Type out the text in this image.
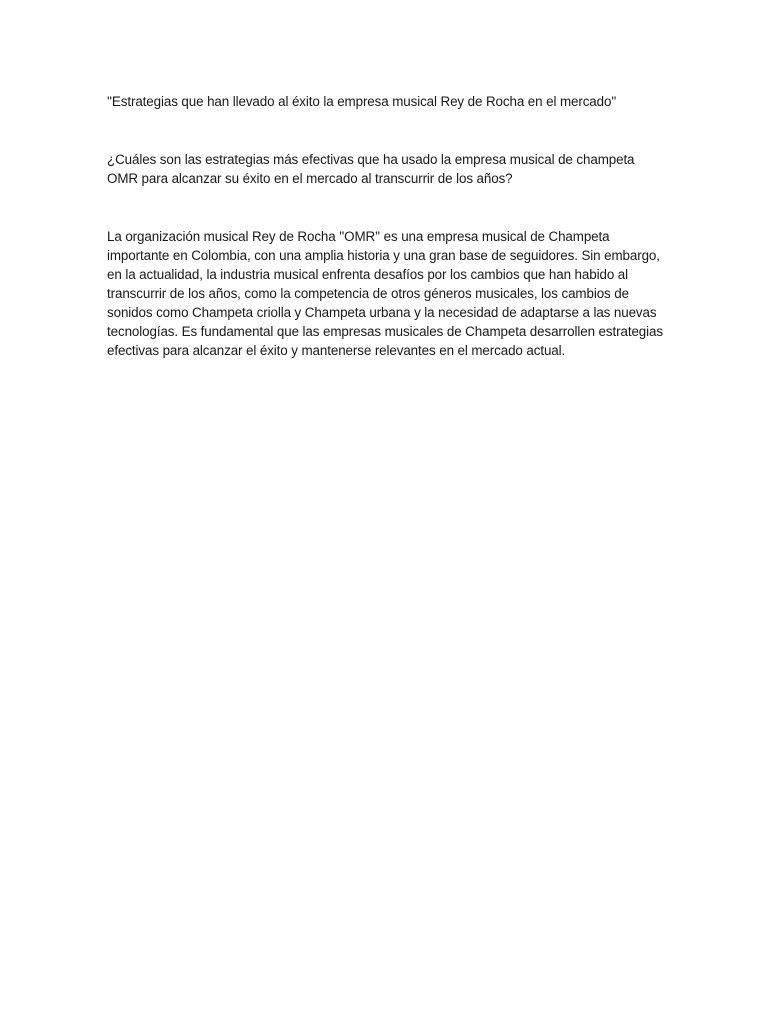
''Estrategias que han llevado al éxito la empresa musical Rey de Rocha en el mercado''
¿Cuáles son las estrategias más efectivas que ha usado la empresa musical de champeta OMR para alcanzar su éxito en el mercado al transcurrir de los años?
La organización musical Rey de Rocha ''OMR'' es una empresa musical de Champeta importante en Colombia, con una amplia historia y una gran base de seguidores. Sin embargo, en la actualidad, la industria musical enfrenta desafíos por los cambios que han habido al transcurrir de los años, como la competencia de otros géneros musicales, los cambios de sonidos como Champeta criolla y Champeta urbana y la necesidad de adaptarse a las nuevas tecnologías. Es fundamental que las empresas musicales de Champeta desarrollen estrategias efectivas para alcanzar el éxito y mantenerse relevantes en el mercado actual.
